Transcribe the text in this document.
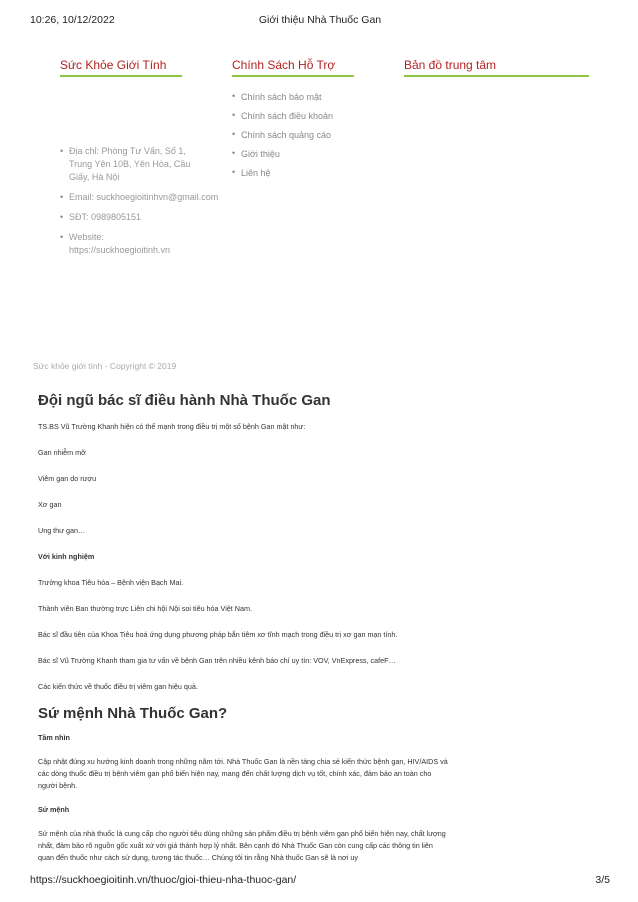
10:26, 10/12/2022	Giới thiệu Nhà Thuốc Gan
Sức Khỏe Giới Tính
• Địa chỉ: Phòng Tư Vấn, Số 1, Trung Yên 10B, Yên Hòa, Cầu Giấy, Hà Nội
• Email: suckhoegioitinhvn@gmail.com
• SĐT: 0989805151
• Website: https://suckhoegioitinh.vn
Chính Sách Hỗ Trợ
• Chính sách bảo mật
• Chính sách điều khoản
• Chính sách quảng cáo
• Giới thiệu
• Liên hệ
Bản đồ trung tâm
Sức khỏe giới tính - Copyright © 2019
Đội ngũ bác sĩ điều hành Nhà Thuốc Gan

TS.BS Vũ Trường Khanh hiện có thế mạnh trong điều trị một số bệnh Gan mật như:

Gan nhiễm mỡ

Viêm gan do rượu

Xơ gan

Ung thư gan…

Với kinh nghiệm

Trưởng khoa Tiêu hóa – Bệnh viện Bạch Mai.

Thành viên Ban thường trực Liên chi hội Nội soi tiêu hóa Việt Nam.

Bác sĩ đầu tiên của Khoa Tiêu hoá ứng dụng phương pháp bắn tiêm xơ tĩnh mạch trong điều trị xơ gan mạn tính.

Bác sĩ Vũ Trường Khanh tham gia tư vấn về bệnh Gan trên nhiều kênh báo chí uy tín: VOV, VnExpress, cafeF…

Các kiến thức về thuốc điều trị viêm gan hiệu quả.

Sứ mệnh Nhà Thuốc Gan?

Tầm nhìn

Cập nhật đúng xu hướng kinh doanh trong những năm tới. Nhà Thuốc Gan là nền tảng chia sẻ kiến thức bệnh gan, HIV/AIDS và các dòng thuốc điều trị bệnh viêm gan phổ biến hiện nay, mang đến chất lượng dịch vụ tốt, chính xác, đảm bảo an toàn cho người bệnh.

Sứ mệnh

Sứ mệnh của nhà thuốc là cung cấp cho người tiêu dùng những sản phẩm điều trị bệnh viêm gan phổ biến hiện nay, chất lượng nhất, đảm bảo rõ nguồn gốc xuất xứ với giá thành hợp lý nhất. Bên cạnh đó Nhà Thuốc Gan còn cung cấp các thông tin liên quan đến thuốc như cách sử dụng, tương tác thuốc… Chúng tôi tin rằng Nhà thuốc Gan sẽ là nơi uy

https://suckhoegioitinh.vn/thuoc/gioi-thieu-nha-thuoc-gan/	3/5
